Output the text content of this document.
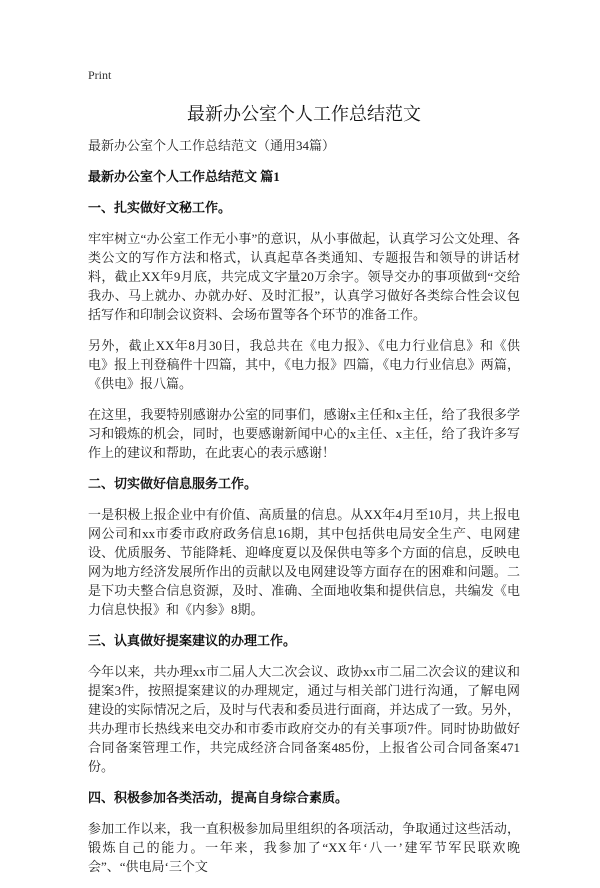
Print
最新办公室个人工作总结范文
最新办公室个人工作总结范文（通用34篇）
最新办公室个人工作总结范文 篇1
一、扎实做好文秘工作。
牢牢树立“办公室工作无小事”的意识，从小事做起，认真学习公文处理、各类公文的写作方法和格式，认真起草各类通知、专题报告和领导的讲话材料，截止XX年9月底，共完成文字量20万余字。领导交办的事项做到“交给我办、马上就办、办就办好、及时汇报”，认真学习做好各类综合性会议包括写作和印制会议资料、会场布置等各个环节的准备工作。
另外，截止XX年8月30日，我总共在《电力报》、《电力行业信息》和《供电》报上刊登稿件十四篇，其中，《电力报》四篇，《电力行业信息》两篇，《供电》报八篇。
在这里，我要特别感谢办公室的同事们，感谢x主任和x主任，给了我很多学习和锻炼的机会，同时，也要感谢新闻中心的x主任、x主任，给了我许多写作上的建议和帮助，在此衷心的表示感谢！
二、切实做好信息服务工作。
一是积极上报企业中有价值、高质量的信息。从XX年4月至10月，共上报电网公司和xx市委市政府政务信息16期，其中包括供电局安全生产、电网建设、优质服务、节能降耗、迎峰度夏以及保供电等多个方面的信息，反映电网为地方经济发展所作出的贡献以及电网建设等方面存在的困难和问题。二是下功夫整合信息资源，及时、准确、全面地收集和提供信息，共编发《电力信息快报》和《内参》8期。
三、认真做好提案建议的办理工作。
今年以来，共办理xx市二届人大二次会议、政协xx市二届二次会议的建议和提案3件，按照提案建议的办理规定，通过与相关部门进行沟通，了解电网建设的实际情况之后，及时与代表和委员进行面商，并达成了一致。另外，共办理市长热线来电交办和市委市政府交办的有关事项7件。同时协助做好合同备案管理工作，共完成经济合同备案485份，上报省公司合同备案471份。
四、积极参加各类活动，提高自身综合素质。
参加工作以来，我一直积极参加局里组织的各项活动，争取通过这些活动，锻炼自己的能力。一年来，我参加了“XX年‘八一’建军节军民联欢晚会”、“供电局‘三个文
